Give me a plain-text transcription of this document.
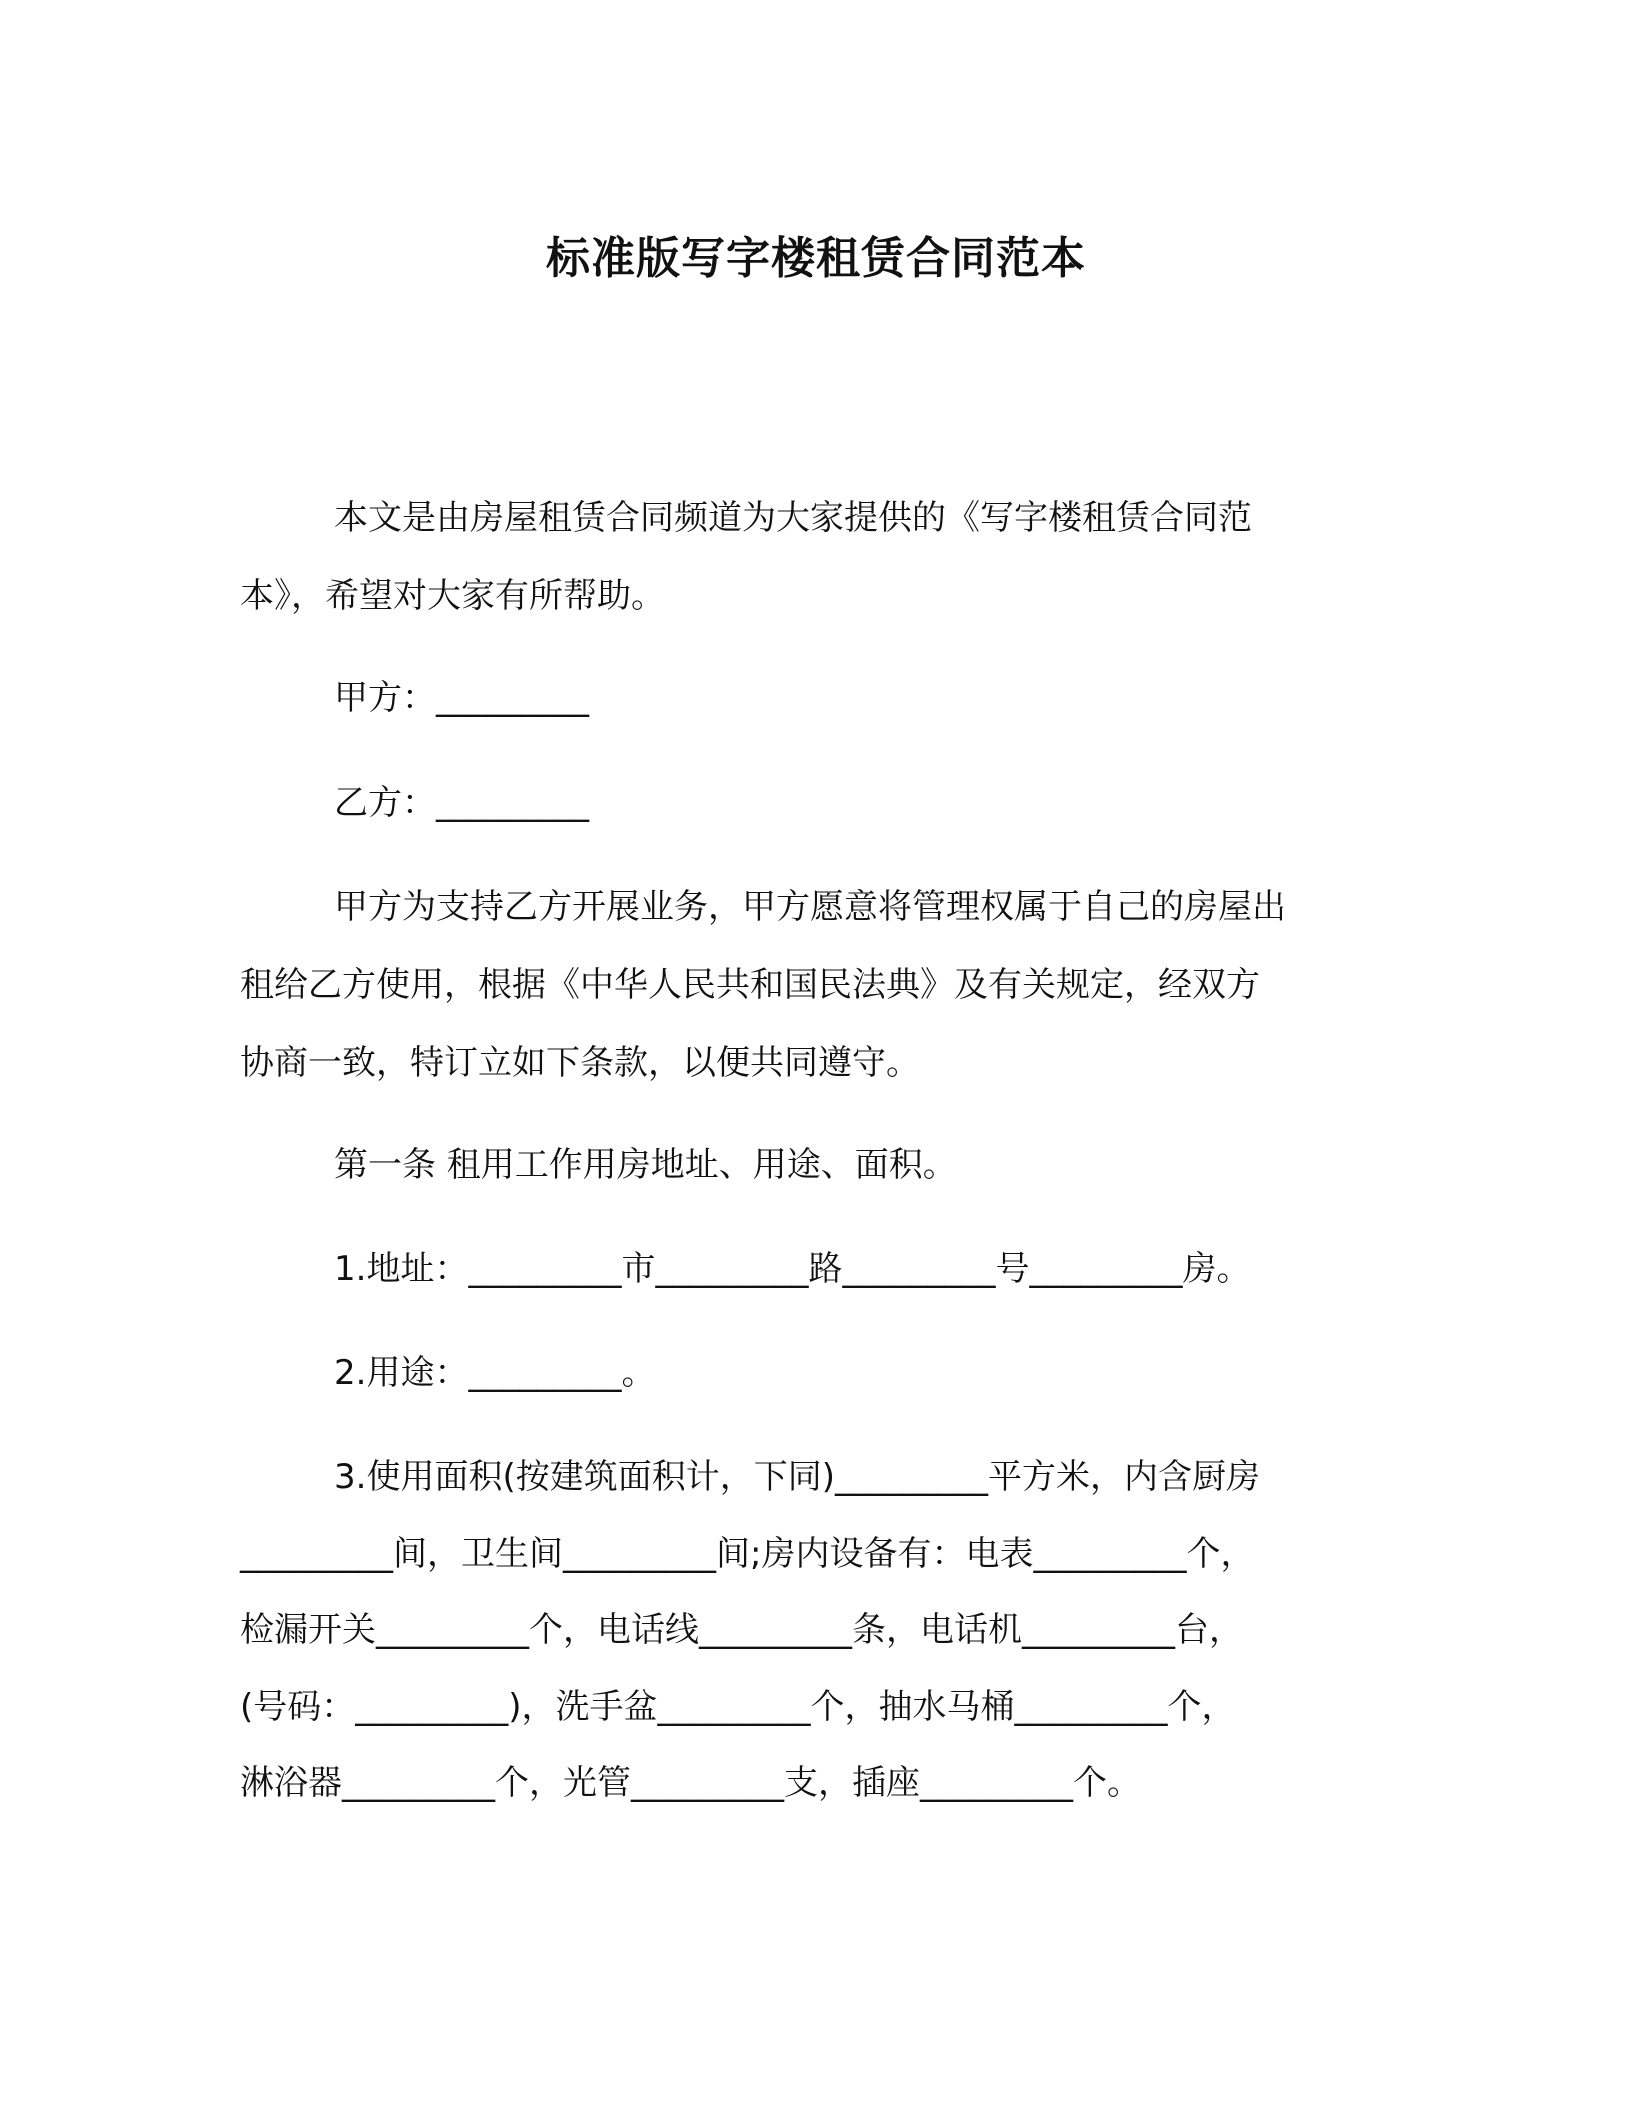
标准版写字楼租赁合同范本
本文是由房屋租赁合同频道为大家提供的《写字楼租赁合同范
本》，希望对大家有所帮助。
甲方：_________
乙方：_________
甲方为支持乙方开展业务，甲方愿意将管理权属于自己的房屋出
租给乙方使用，根据《中华人民共和国民法典》及有关规定，经双方
协商一致，特订立如下条款，以便共同遵守。
第一条 租用工作用房地址、用途、面积。
1.地址：_________市_________路_________号_________房。
2.用途：_________。
3.使用面积(按建筑面积计，下同)_________平方米，内含厨房
_________间，卫生间_________间;房内设备有：电表_________个，
检漏开关_________个，电话线_________条，电话机_________台，
(号码：_________)，洗手盆_________个，抽水马桶_________个，
淋浴器_________个，光管_________支，插座_________个。
